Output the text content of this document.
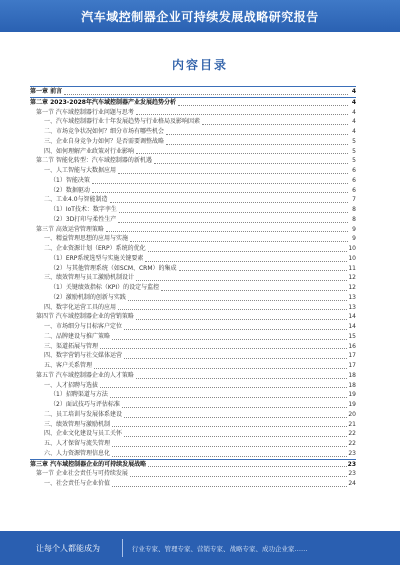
汽车域控制器企业可持续发展战略研究报告
内容目录
第一章 前言	4
第二章 2023-2028年汽车域控制器产业发展趋势分析	4
第一节 汽车域控制器行业问题与思考	4
一、汽车域控制器行业十年发展趋势与行业格局及影响因素	4
二、市场竞争状况如何？细分市场有哪些机会	4
三、企业自身竞争力如何？是否需要调整战略	5
四、如何理解产业政策对行业影响	5
第二节 智能化转型：汽车域控制器的新机遇	5
一、人工智能与大数据应用	6
（1）智能决策	6
（2）数据驱动	6
二、工业4.0与智能制造	7
（1）IoT技术：数字孪生	8
（2）3D打印与柔性生产	8
第三节 高效运营管理策略	9
一、精益管理思想的应用与实施	9
二、企业资源计划（ERP）系统的优化	10
（1）ERP系统选型与实施关键要素	10
（2）与其他管理系统（如SCM、CRM）的集成	11
三、绩效管理与员工激励机制设计	12
（1）关键绩效指标（KPI）的设定与监控	12
（2）激励机制的创新与实践	13
四、数字化运营工具的应用	13
第四节 汽车域控制器企业的营销策略	14
一、市场细分与目标客户定位	14
二、品牌建设与推广策略	15
三、渠道拓展与管理	16
四、数字营销与社交媒体运营	17
五、客户关系管理	17
第五节 汽车域控制器企业的人才策略	18
一、人才招聘与选拔	18
（1）招聘渠道与方法	19
（2）面试技巧与评估标准	19
二、员工培训与发展体系建设	20
三、绩效管理与激励机制	21
四、企业文化建设与员工关怀	22
五、人才保留与流失管理	22
六、人力资源管理信息化	23
第三章 汽车域控制器企业的可持续发展战略	23
第一节 企业社会责任与可持续发展	23
一、社会责任与企业价值	24
让每个人都能成为	行业专家、管理专家、营销专家、战略专家、成功企业家……
